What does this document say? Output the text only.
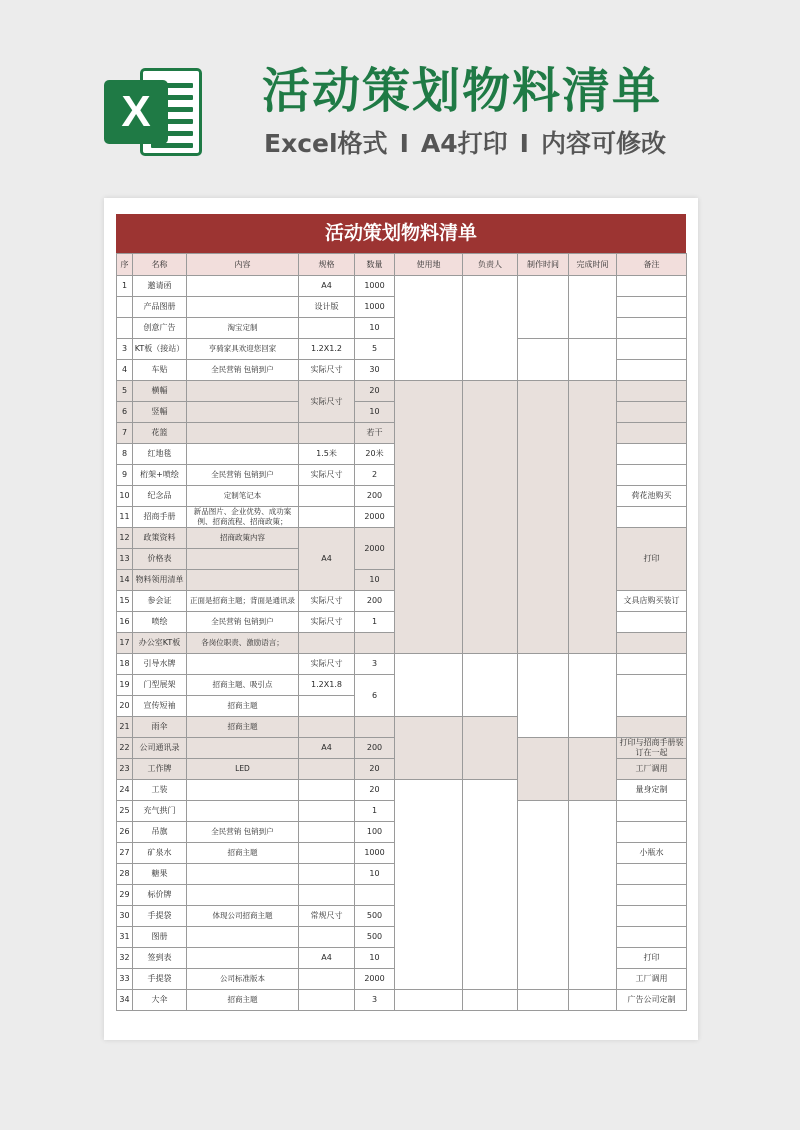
X	活动策划物料清单
Excel格式 I A4打印 I 内容可修改
活动策划物料清单
序	名称	内容	规格	数量	使用地	负责人	制作时间	完成时间	备注
1	邀请函		A4	1000					
	产品图册		设计版	1000					
	创意广告	淘宝定制		10					
3	KT板（接站）	亨骑家具欢迎您回家	1.2X1.2	5					
4	车贴	全民营销 包销到户	实际尺寸	30					
5	横幅		实际尺寸	20					
6	竖幅			10					
7	花篮			若干					
8	红地毯		1.5米	20米					
9	桁架+喷绘	全民营销 包销到户	实际尺寸	2					
10	纪念品	定制笔记本		200					荷花池购买
11	招商手册	新品图片、企业优势、成功案例、招商流程、招商政策；		2000					
12	政策资料	招商政策内容	A4	2000					打印
13	价格表								
14	物料领用清单			10					
15	参会证	正面是招商主题；背面是通讯录	实际尺寸	200					文具店购买装订
16	喷绘	全民营销 包销到户	实际尺寸	1					
17	办公室KT板	各岗位职责、激励语言；							
18	引导水牌		实际尺寸	3					
19	门型展架	招商主题、吸引点	1.2X1.8	6					
20	宣传短袖	招商主题							
21	雨伞	招商主题							
22	公司通讯录		A4	200					打印与招商手册装订在一起
23	工作牌	LED		20					工厂调用
24	工装			20					量身定制
25	充气拱门			1					
26	吊旗	全民营销 包销到户		100					
27	矿泉水	招商主题		1000					小瓶水
28	糖果			10					
29	标价牌								
30	手提袋	体现公司招商主题	常规尺寸	500					
31	图册			500					
32	签到表		A4	10					打印
33	手提袋	公司标准版本		2000					工厂调用
34	大伞	招商主题		3					广告公司定制
